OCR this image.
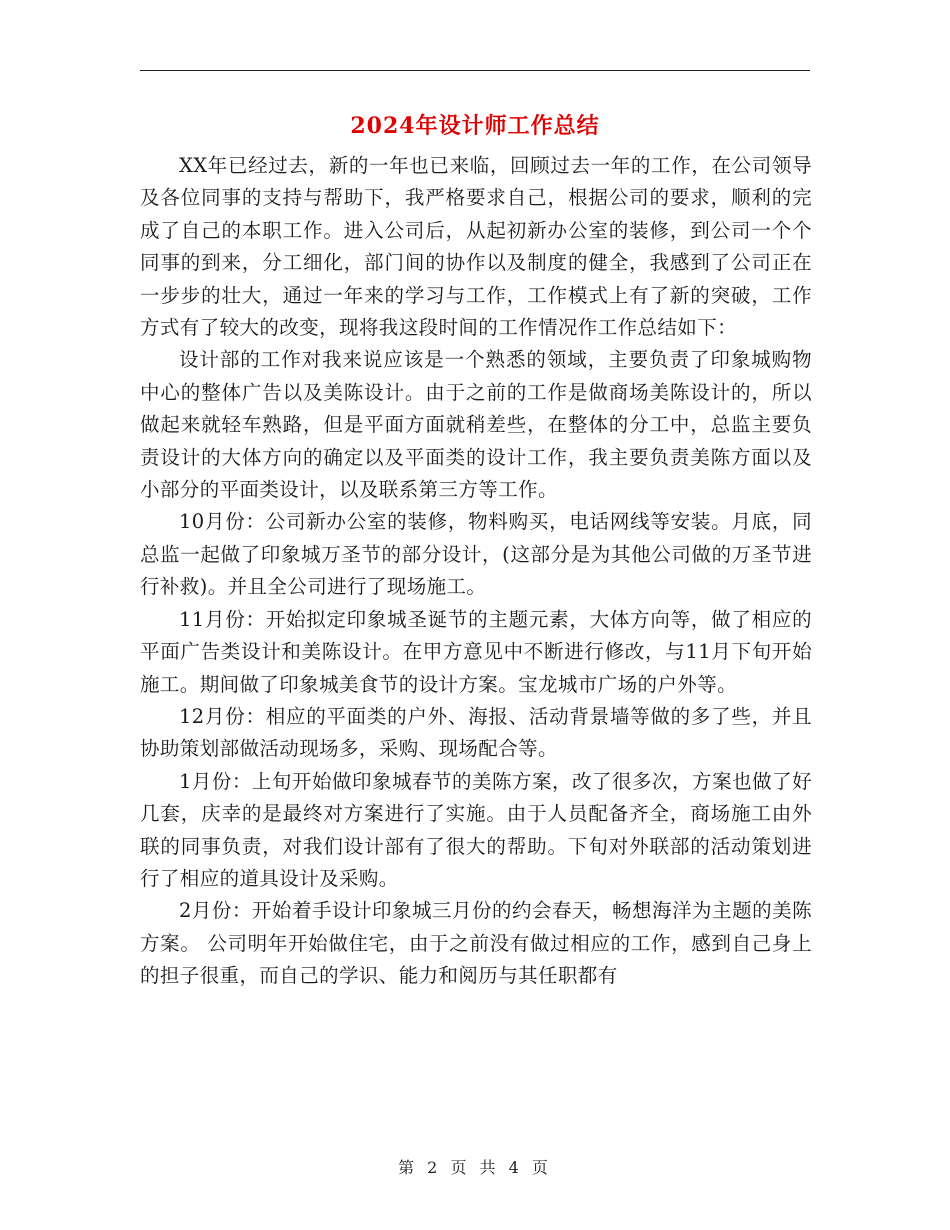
2024年设计师工作总结

XX年已经过去，新的一年也已来临，回顾过去一年的工作，在公司领导及各位同事的支持与帮助下，我严格要求自己，根据公司的要求，顺利的完成了自己的本职工作。进入公司后，从起初新办公室的装修，到公司一个个同事的到来，分工细化，部门间的协作以及制度的健全，我感到了公司正在一步步的壮大，通过一年来的学习与工作，工作模式上有了新的突破，工作方式有了较大的改变，现将我这段时间的工作情况作工作总结如下：

设计部的工作对我来说应该是一个熟悉的领域，主要负责了印象城购物中心的整体广告以及美陈设计。由于之前的工作是做商场美陈设计的，所以做起来就轻车熟路，但是平面方面就稍差些，在整体的分工中，总监主要负责设计的大体方向的确定以及平面类的设计工作，我主要负责美陈方面以及小部分的平面类设计，以及联系第三方等工作。

10月份：公司新办公室的装修，物料购买，电话网线等安装。月底，同总监一起做了印象城万圣节的部分设计，(这部分是为其他公司做的万圣节进行补救)。并且全公司进行了现场施工。

11月份：开始拟定印象城圣诞节的主题元素，大体方向等，做了相应的平面广告类设计和美陈设计。在甲方意见中不断进行修改，与11月下旬开始施工。期间做了印象城美食节的设计方案。宝龙城市广场的户外等。

12月份：相应的平面类的户外、海报、活动背景墙等做的多了些，并且协助策划部做活动现场多，采购、现场配合等。

1月份：上旬开始做印象城春节的美陈方案，改了很多次，方案也做了好几套，庆幸的是最终对方案进行了实施。由于人员配备齐全，商场施工由外联的同事负责，对我们设计部有了很大的帮助。下旬对外联部的活动策划进行了相应的道具设计及采购。

2月份：开始着手设计印象城三月份的约会春天，畅想海洋为主题的美陈方案。 公司明年开始做住宅，由于之前没有做过相应的工作，感到自己身上的担子很重，而自己的学识、能力和阅历与其任职都有

第 2 页 共 4 页
